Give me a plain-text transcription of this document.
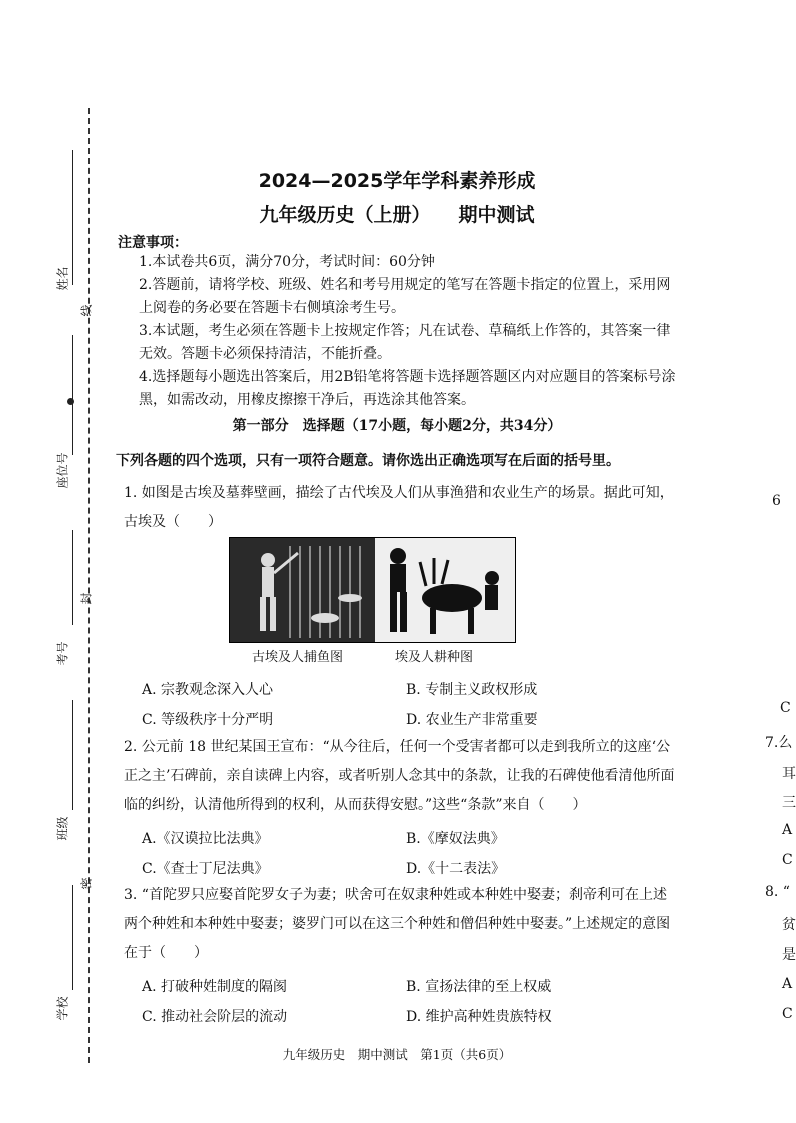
姓名
线
座位号
封
考号
班级
密
学校
2024—2025学年学科素养形成
九年级历史（上册） 期中测试
注意事项：
1.本试卷共6页，满分70分，考试时间：60分钟
2.答题前，请将学校、班级、姓名和考号用规定的笔写在答题卡指定的位置上，采用网上阅卷的务必要在答题卡右侧填涂考生号。
3.本试题，考生必须在答题卡上按规定作答；凡在试卷、草稿纸上作答的，其答案一律无效。答题卡必须保持清洁，不能折叠。
4.选择题每小题选出答案后，用2B铅笔将答题卡选择题答题区内对应题目的答案标号涂黑，如需改动，用橡皮擦擦干净后，再选涂其他答案。
第一部分　选择题（17小题，每小题2分，共34分）
下列各题的四个选项，只有一项符合题意。请你选出正确选项写在后面的括号里。
1. 如图是古埃及墓葬壁画，描绘了古代埃及人们从事渔猎和农业生产的场景。据此可知，古埃及（　　）
古埃及人捕鱼图	埃及人耕种图
A. 宗教观念深入人心	B. 专制主义政权形成
C. 等级秩序十分严明	D. 农业生产非常重要
2. 公元前 18 世纪某国王宣布：“从今往后，任何一个受害者都可以走到我所立的这座‘公正之主’石碑前，亲自读碑上内容，或者听别人念其中的条款，让我的石碑使他看清他所面临的纠纷，认清他所得到的权利，从而获得安慰。”这些“条款”来自（　　）
A.《汉谟拉比法典》	B.《摩奴法典》
C.《查士丁尼法典》	D.《十二表法》
3. “首陀罗只应娶首陀罗女子为妻；吠舍可在奴隶种姓或本种姓中娶妻；刹帝利可在上述两个种姓和本种姓中娶妻；婆罗门可以在这三个种姓和僧侣种姓中娶妻。”上述规定的意图在于（　　）
A. 打破种姓制度的隔阂	B. 宣扬法律的至上权威
C. 推动社会阶层的流动	D. 维护高种姓贵族特权
6
C
7.么
耳
三
A
C
8. “
贫
是
A
C
九年级历史　期中测试　第1页（共6页）
